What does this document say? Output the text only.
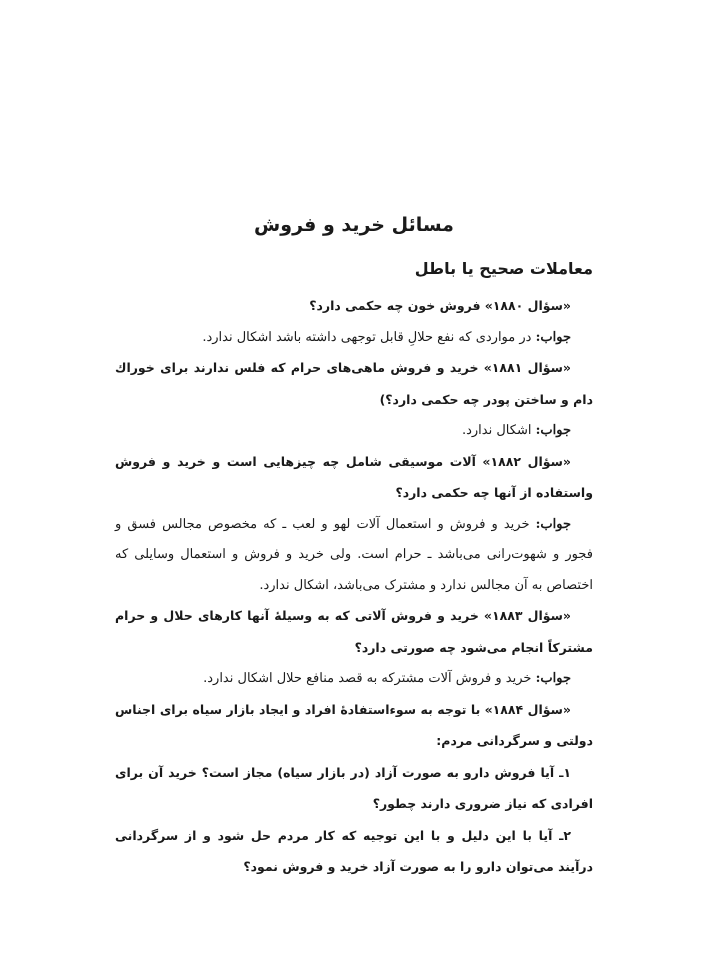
مسائل خرید و فروش
معاملات صحیح یا باطل

«سؤال ۱۸۸۰» فروش خون چه حکمی دارد؟

جواب: در مواردی که نفع حلالِ قابل توجهی داشته باشد اشکال ندارد.

«سؤال ۱۸۸۱» خرید و فروش ماهی‌های حرام که فلس ندارند برای خوراك دام و ساختن پودر چه حکمی دارد؟)

جواب: اشکال ندارد.

«سؤال ۱۸۸۲» آلات موسیقی شامل چه چیزهایی است و خرید و فروش واستفاده از آنها چه حکمی دارد؟

جواب: خرید و فروش و استعمال آلات لهو و لعب ـ که مخصوص مجالس فسق و فجور و شهوت‌رانی می‌باشد ـ حرام است. ولی خرید و فروش و استعمال وسایلی که اختصاص به آن مجالس ندارد و مشترک می‌باشد، اشکال ندارد.

«سؤال ۱۸۸۳» خرید و فروش آلاتی که به وسیلهٔ آنها کارهای حلال و حرام مشترکاً انجام می‌شود چه صورتی دارد؟

جواب: خرید و فروش آلات مشترکه به قصد منافع حلال اشکال ندارد.

«سؤال ۱۸۸۴» با توجه به سوءاستفادهٔ افراد و ایجاد بازار سیاه برای اجناس دولتی و سرگردانی مردم:

۱ـ آیا فروش دارو به صورت آزاد (در بازار سیاه) مجاز است؟ خرید آن برای افرادی که نیاز ضروری دارند چطور؟

۲ـ آیا با این دلیل و با این توجیه که کار مردم حل شود و از سرگردانی درآیند می‌توان دارو را به صورت آزاد خرید و فروش نمود؟
